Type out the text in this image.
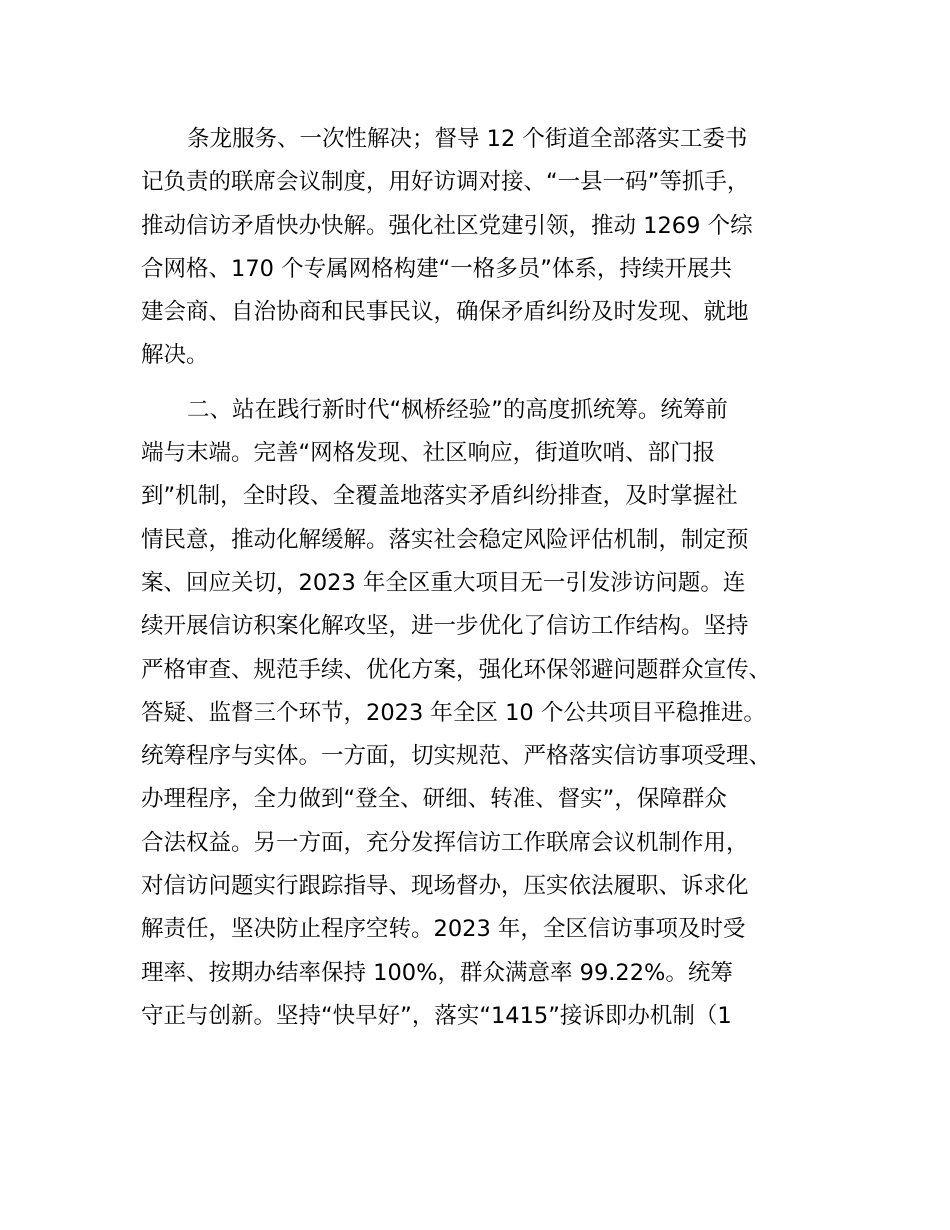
条龙服务、一次性解决；督导 12 个街道全部落实工委书
记负责的联席会议制度，用好访调对接、“一县一码”等抓手，
推动信访矛盾快办快解。强化社区党建引领，推动 1269 个综
合网格、170 个专属网格构建“一格多员”体系，持续开展共
建会商、自治协商和民事民议，确保矛盾纠纷及时发现、就地
解决。
二、站在践行新时代“枫桥经验”的高度抓统筹。统筹前
端与末端。完善“网格发现、社区响应，街道吹哨、部门报
到”机制，全时段、全覆盖地落实矛盾纠纷排查，及时掌握社
情民意，推动化解缓解。落实社会稳定风险评估机制，制定预
案、回应关切，2023 年全区重大项目无一引发涉访问题。连
续开展信访积案化解攻坚，进一步优化了信访工作结构。坚持
严格审查、规范手续、优化方案，强化环保邻避问题群众宣传、
答疑、监督三个环节，2023 年全区 10 个公共项目平稳推进。
统筹程序与实体。一方面，切实规范、严格落实信访事项受理、
办理程序，全力做到“登全、研细、转准、督实”，保障群众
合法权益。另一方面，充分发挥信访工作联席会议机制作用，
对信访问题实行跟踪指导、现场督办，压实依法履职、诉求化
解责任，坚决防止程序空转。2023 年，全区信访事项及时受
理率、按期办结率保持 100%，群众满意率 99.22%。统筹
守正与创新。坚持“快早好”，落实“1415”接诉即办机制（1
